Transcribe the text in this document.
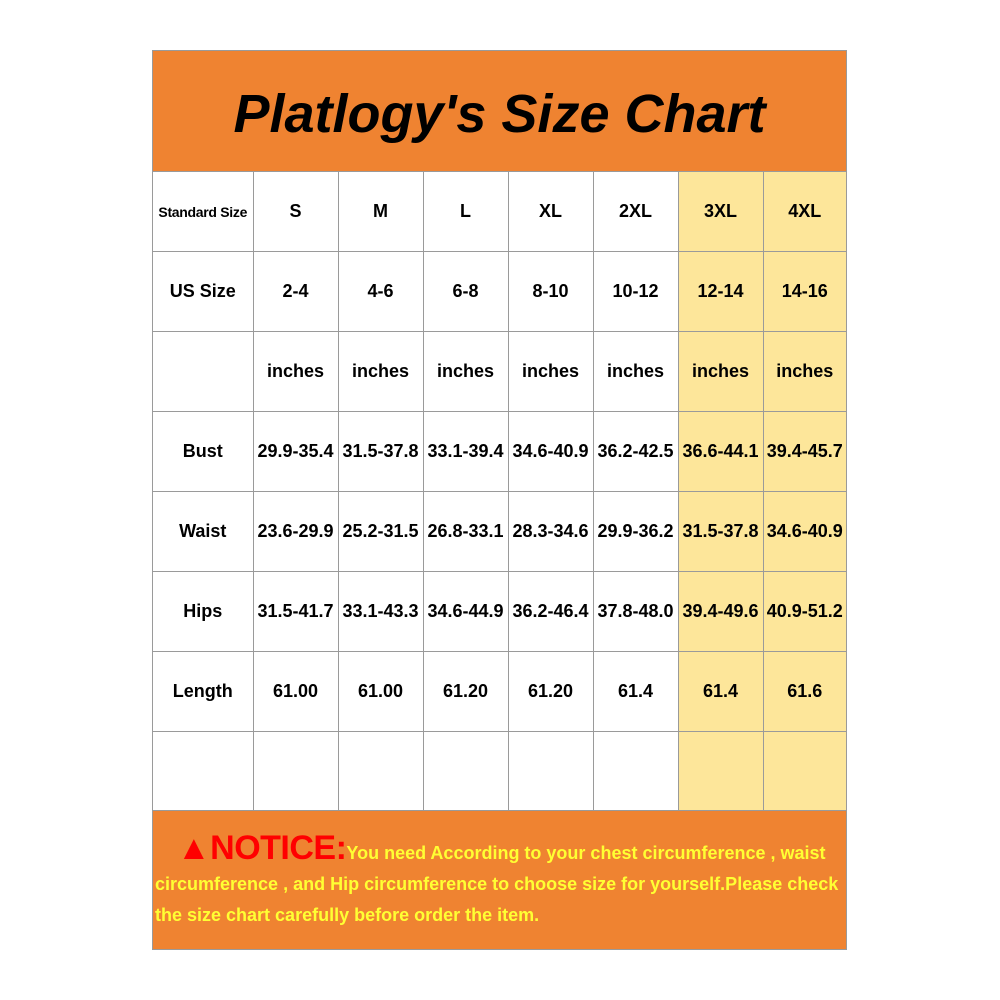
Platlogy's Size Chart
Standard Size	S	M	L	XL	2XL	3XL	4XL
US Size	2-4	4-6	6-8	8-10	10-12	12-14	14-16
	inches	inches	inches	inches	inches	inches	inches
Bust	29.9-35.4	31.5-37.8	33.1-39.4	34.6-40.9	36.2-42.5	36.6-44.1	39.4-45.7
Waist	23.6-29.9	25.2-31.5	26.8-33.1	28.3-34.6	29.9-36.2	31.5-37.8	34.6-40.9
Hips	31.5-41.7	33.1-43.3	34.6-44.9	36.2-46.4	37.8-48.0	39.4-49.6	40.9-51.2
Length	61.00	61.00	61.20	61.20	61.4	61.4	61.6

▲NOTICE:You need According to your chest circumference , waist circumference , and Hip circumference to choose size for yourself.Please check the size chart carefully before order the item.
